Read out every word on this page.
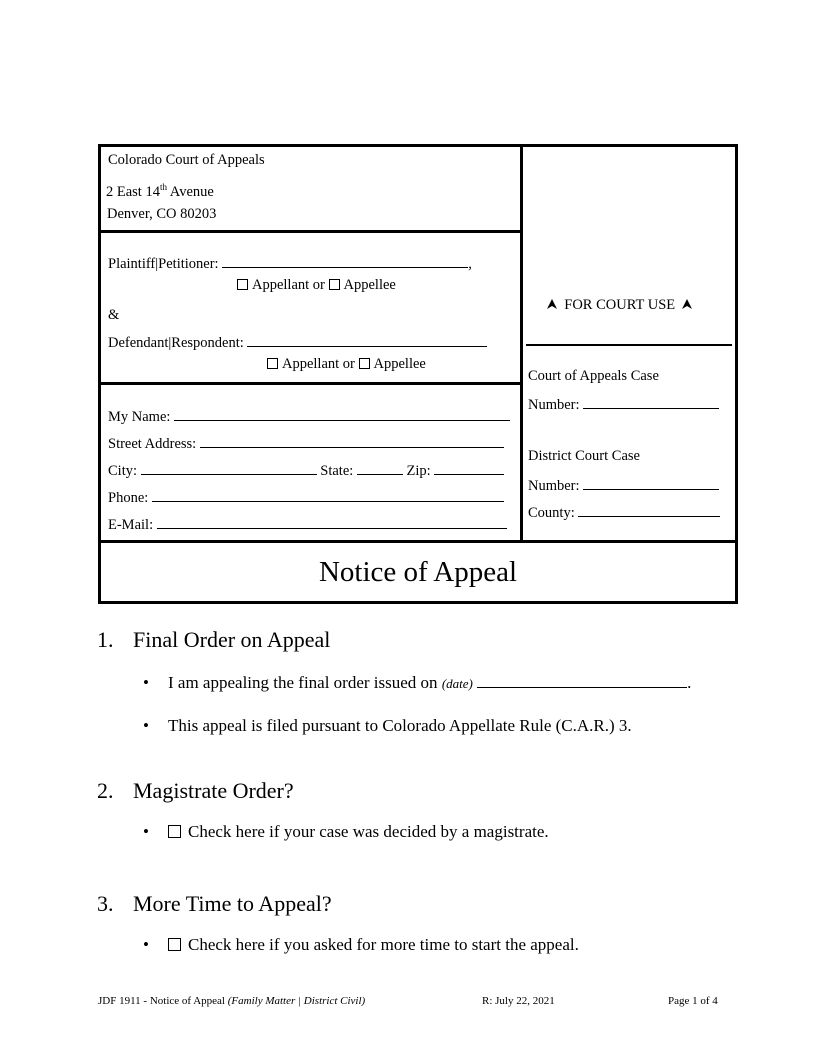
Colorado Court of Appeals
2 East 14th Avenue
Denver, CO 80203
Plaintiff|Petitioner:	,
Appellant or Appellee
&
Defendant|Respondent:
Appellant or Appellee
My Name:
Street Address:
City:	State:	Zip:
Phone:
E-Mail:
FOR COURT USE
Court of Appeals Case
Number:
District Court Case
Number:
County:
Notice of Appeal
1. Final Order on Appeal
• I am appealing the final order issued on (date)	.
• This appeal is filed pursuant to Colorado Appellate Rule (C.A.R.) 3.
2. Magistrate Order?
• Check here if your case was decided by a magistrate.
3. More Time to Appeal?
• Check here if you asked for more time to start the appeal.
JDF 1911 - Notice of Appeal (Family Matter | District Civil)	R: July 22, 2021	Page 1 of 4
